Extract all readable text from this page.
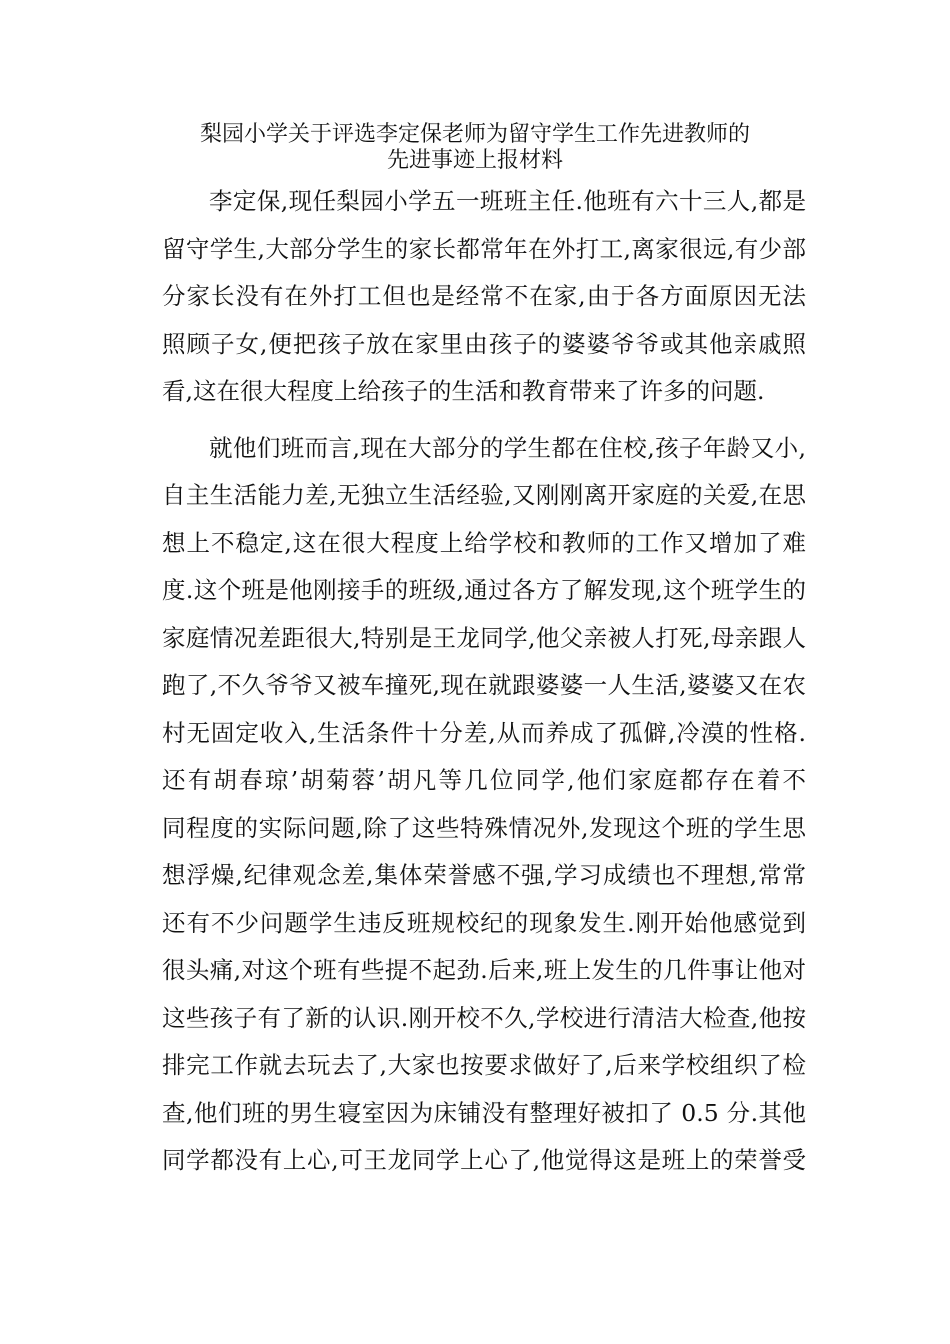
梨园小学关于评选李定保老师为留守学生工作先进教师的
先进事迹上报材料
李定保,现任梨园小学五一班班主任.他班有六十三人,都是
留守学生,大部分学生的家长都常年在外打工,离家很远,有少部
分家长没有在外打工但也是经常不在家,由于各方面原因无法
照顾子女,便把孩子放在家里由孩子的婆婆爷爷或其他亲戚照
看,这在很大程度上给孩子的生活和教育带来了许多的问题.
就他们班而言,现在大部分的学生都在住校,孩子年龄又小,
自主生活能力差,无独立生活经验,又刚刚离开家庭的关爱,在思
想上不稳定,这在很大程度上给学校和教师的工作又增加了难
度.这个班是他刚接手的班级,通过各方了解发现,这个班学生的
家庭情况差距很大,特别是王龙同学,他父亲被人打死,母亲跟人
跑了,不久爷爷又被车撞死,现在就跟婆婆一人生活,婆婆又在农
村无固定收入,生活条件十分差,从而养成了孤僻,冷漠的性格.
还有胡春琼’胡菊蓉’胡凡等几位同学,他们家庭都存在着不
同程度的实际问题,除了这些特殊情况外,发现这个班的学生思
想浮燥,纪律观念差,集体荣誉感不强,学习成绩也不理想,常常
还有不少问题学生违反班规校纪的现象发生.刚开始他感觉到
很头痛,对这个班有些提不起劲.后来,班上发生的几件事让他对
这些孩子有了新的认识.刚开校不久,学校进行清洁大检查,他按
排完工作就去玩去了,大家也按要求做好了,后来学校组织了检
查,他们班的男生寝室因为床铺没有整理好被扣了 0.5 分.其他
同学都没有上心,可王龙同学上心了,他觉得这是班上的荣誉受
